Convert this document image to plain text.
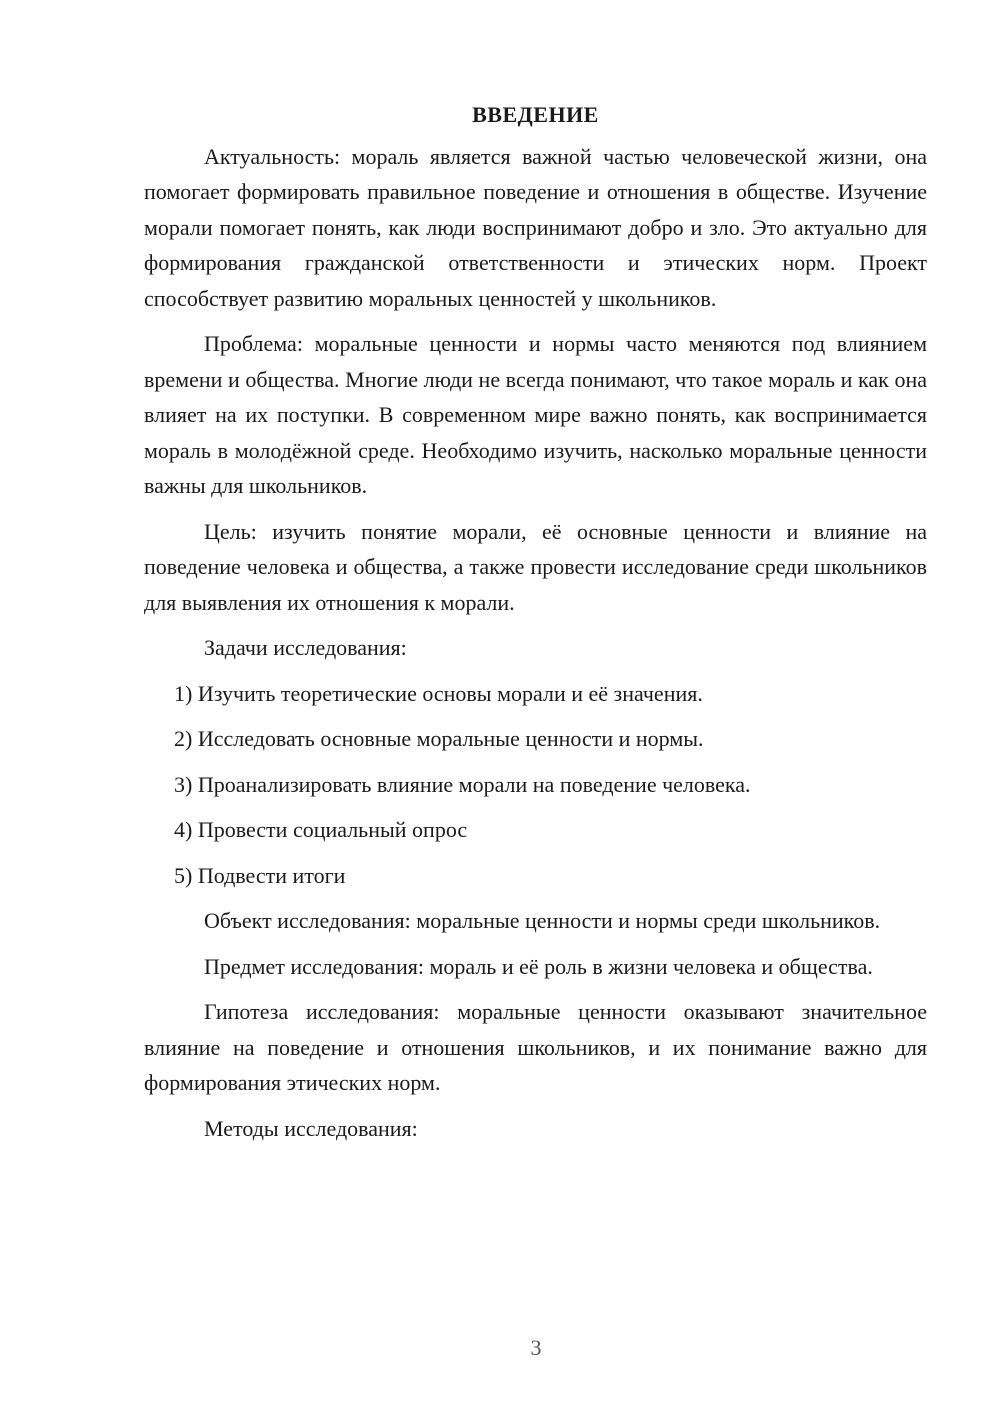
ВВЕДЕНИЕ

Актуальность: мораль является важной частью человеческой жизни, она помогает формировать правильное поведение и отношения в обществе. Изучение морали помогает понять, как люди воспринимают добро и зло. Это актуально для формирования гражданской ответственности и этических норм. Проект способствует развитию моральных ценностей у школьников.

Проблема: моральные ценности и нормы часто меняются под влиянием времени и общества. Многие люди не всегда понимают, что такое мораль и как она влияет на их поступки. В современном мире важно понять, как воспринимается мораль в молодёжной среде. Необходимо изучить, насколько моральные ценности важны для школьников.

Цель: изучить понятие морали, её основные ценности и влияние на поведение человека и общества, а также провести исследование среди школьников для выявления их отношения к морали.

Задачи исследования:

1) Изучить теоретические основы морали и её значения.
2) Исследовать основные моральные ценности и нормы.
3) Проанализировать влияние морали на поведение человека.
4) Провести социальный опрос
5) Подвести итоги

Объект исследования: моральные ценности и нормы среди школьников.

Предмет исследования: мораль и её роль в жизни человека и общества.

Гипотеза исследования: моральные ценности оказывают значительное влияние на поведение и отношения школьников, и их понимание важно для формирования этических норм.

Методы исследования:

3
